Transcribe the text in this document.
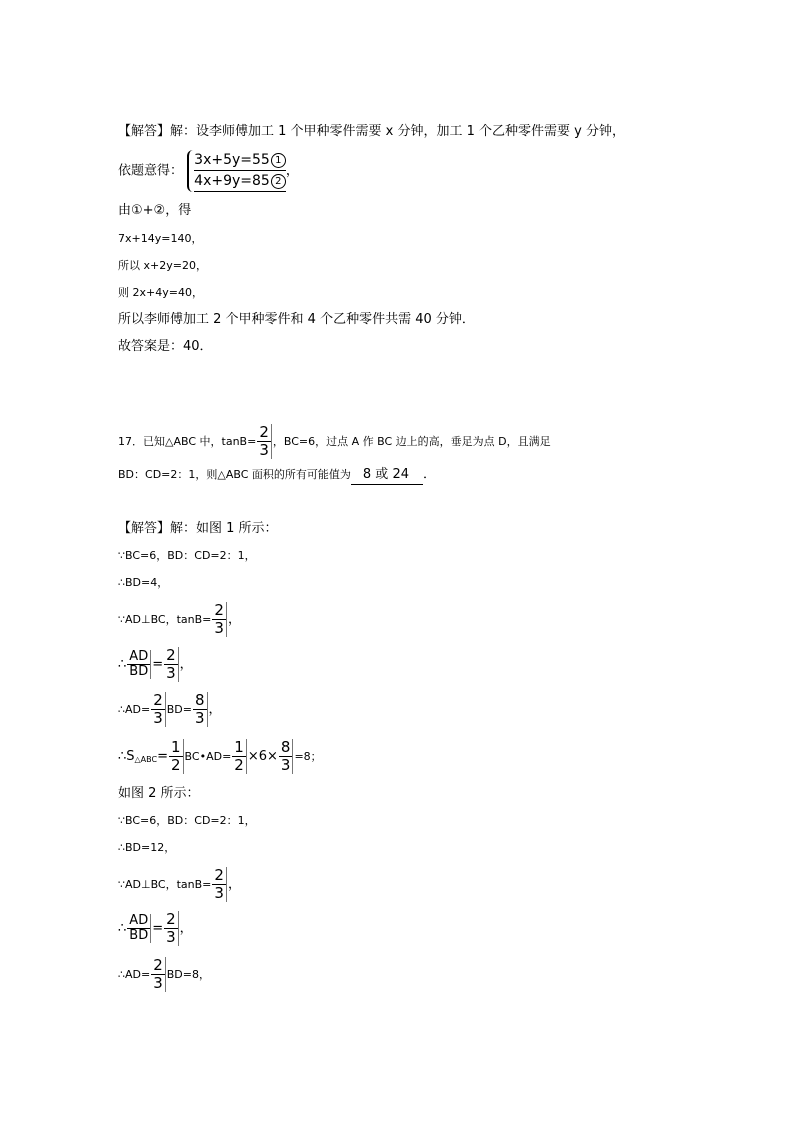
【解答】解：设李师傅加工 1 个甲种零件需要 x 分钟，加工 1 个乙种零件需要 y 分钟，
依题意得： $\frac{3x+5y=55 1}{4x+9y=85 2}$ ，
由①+②，得
7x+14y=140，
所以 x+2y=20，
则 2x+4y=40，
所以李师傅加工 2 个甲种零件和 4 个乙种零件共需 40 分钟．
故答案是：40．
17．已知△ABC 中，$\tan B= \frac{2}{3}$ ，BC=6，过点 A 作 BC 边上的高，垂足为点 D，且满足
BD：CD=2：1，则△ABC 面积的所有可能值为 8 或 24 ．
【解答】解：如图 1 所示：
∵BC=6，BD：CD=2：1，
∴BD=4，
∵AD⊥BC，$\tan B= \frac{2}{3}$ ，
∴ $\frac{AD}{BD} = \frac{2}{3}$ ，
∴AD= $\frac{2}{3} BD= \frac{8}{3}$ ，
$\therefore S_{\triangle ABC}= \frac{1}{2}$ BC•AD= $\frac{1}{2} \times 6\times \frac{8}{3} =8$；
如图 2 所示：
∵BC=6，BD：CD=2：1，
∴BD=12，
∵AD⊥BC，$\tan B= \frac{2}{3}$ ，
∴ $\frac{AD}{BD} = \frac{2}{3}$ ，
∴AD= $\frac{2}{3} BD=8$，
